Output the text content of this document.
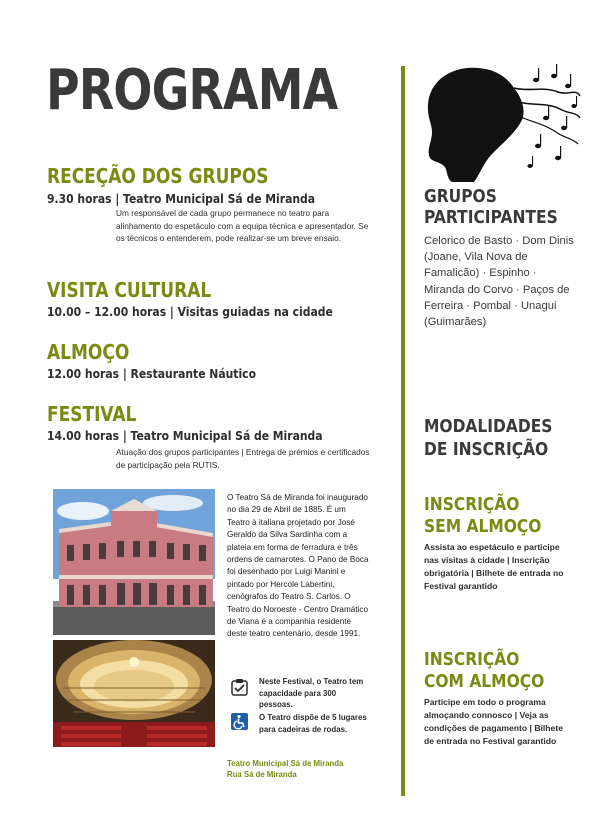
PROGRAMA
RECEÇÃO DOS GRUPOS
9.30 horas | Teatro Municipal Sá de Miranda
Um responsável de cada grupo permanece no teatro para alinhamento do espetáculo com a equipa técnica e apresentador. Se os técnicos o entenderem, pode realizar-se um breve ensaio.
VISITA CULTURAL
10.00 – 12.00 horas | Visitas guiadas na cidade
ALMOÇO
12.00 horas | Restaurante Náutico
FESTIVAL
14.00 horas | Teatro Municipal Sá de Miranda
Atuação dos grupos participantes | Entrega de prémios e certificados de participação pela RUTIS.
O Teatro Sá de Miranda foi inaugurado no dia 29 de Abril de 1885. É um Teatro à italiana projetado por José Geraldo da Silva Sardinha com a plateia em forma de ferradura e três ordens de camarotes. O Pano de Boca foi desenhado por Luigi Manini e pintado por Hercole Labertini, cenógrafos do Teatro S. Carlos. O Teatro do Noroeste - Centro Dramático de Viana é a companhia residente deste teatro centenário, desde 1991.
Neste Festival, o Teatro tem capacidade para 300 pessoas.
O Teatro dispõe de 5 lugares para cadeiras de rodas.
Teatro Municipal Sá de Miranda
Rua Sá de Miranda
GRUPOS
PARTICIPANTES
Celorico de Basto · Dom Dinis (Joane, Vila Nova de Famalicão) · Espinho · Miranda do Corvo · Paços de Ferreira · Pombal · Unagui (Guimarães)
MODALIDADES
DE INSCRIÇÃO
INSCRIÇÃO
SEM ALMOÇO
Assista ao espetáculo e participe nas visitas à cidade | Inscrição obrigatória | Bilhete de entrada no Festival garantido
INSCRIÇÃO
COM ALMOÇO
Participe em todo o programa almoçando connosco | Veja as condições de pagamento | Bilhete de entrada no Festival garantido
